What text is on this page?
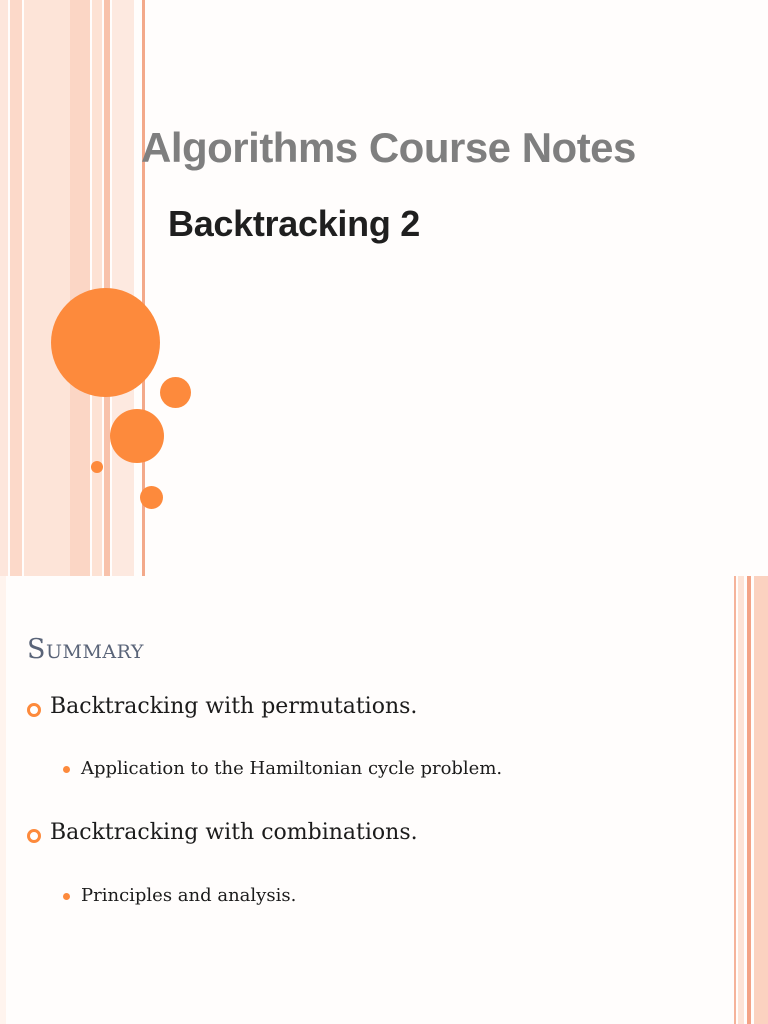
Algorithms Course Notes
Backtracking 2
Summary
Backtracking with permutations.
Application to the Hamiltonian cycle problem.
Backtracking with combinations.
Principles and analysis.
